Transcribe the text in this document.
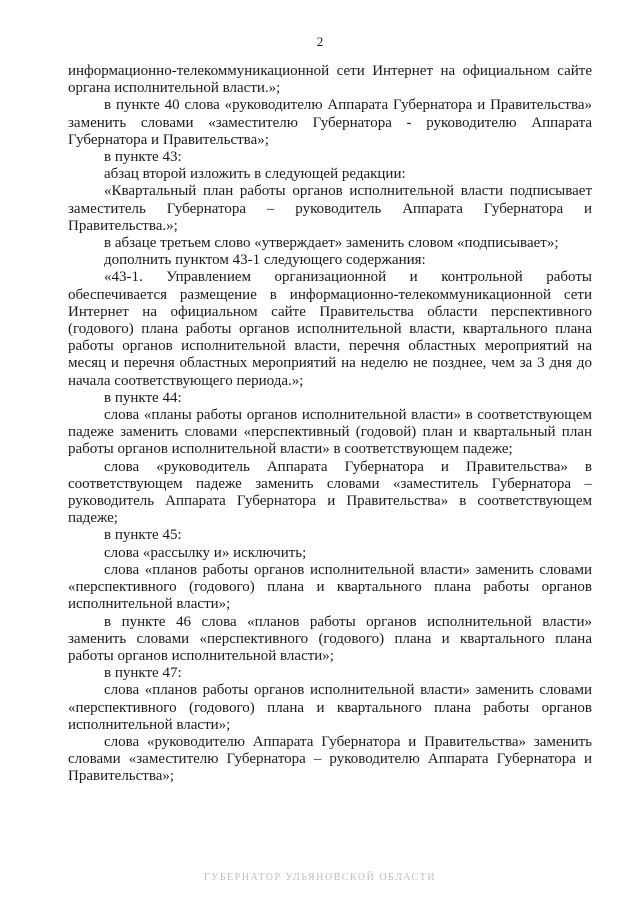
2

информационно-телекоммуникационной сети Интернет на официальном сайте органа исполнительной власти.»;

в пункте 40 слова «руководителю Аппарата Губернатора и Правительства» заменить словами «заместителю Губернатора - руководителю Аппарата Губернатора и Правительства»;

в пункте 43:

абзац второй изложить в следующей редакции:

«Квартальный план работы органов исполнительной власти подписывает заместитель Губернатора – руководитель Аппарата Губернатора и Правительства.»;

в абзаце третьем слово «утверждает» заменить словом «подписывает»;

дополнить пунктом 43-1 следующего содержания:

«43-1. Управлением организационной и контрольной работы обеспечивается размещение в информационно-телекоммуникационной сети Интернет на официальном сайте Правительства области перспективного (годового) плана работы органов исполнительной власти, квартального плана работы органов исполнительной власти, перечня областных мероприятий на месяц и перечня областных мероприятий на неделю не позднее, чем за 3 дня до начала соответствующего периода.»;

в пункте 44:

слова «планы работы органов исполнительной власти» в соответствующем падеже заменить словами «перспективный (годовой) план и квартальный план работы органов исполнительной власти» в соответствующем падеже;

слова «руководитель Аппарата Губернатора и Правительства» в соответствующем падеже заменить словами «заместитель Губернатора – руководитель Аппарата Губернатора и Правительства» в соответствующем падеже;

в пункте 45:

слова «рассылку и» исключить;

слова «планов работы органов исполнительной власти» заменить словами «перспективного (годового) плана и квартального плана работы органов исполнительной власти»;

в пункте 46 слова «планов работы органов исполнительной власти» заменить словами «перспективного (годового) плана и квартального плана работы органов исполнительной власти»;

в пункте 47:

слова «планов работы органов исполнительной власти» заменить словами «перспективного (годового) плана и квартального плана работы органов исполнительной власти»;

слова «руководителю Аппарата Губернатора и Правительства» заменить словами «заместителю Губернатора – руководителю Аппарата Губернатора и Правительства»;

ГУБЕРНАТОР УЛЬЯНОВСКОЙ ОБЛАСТИ
